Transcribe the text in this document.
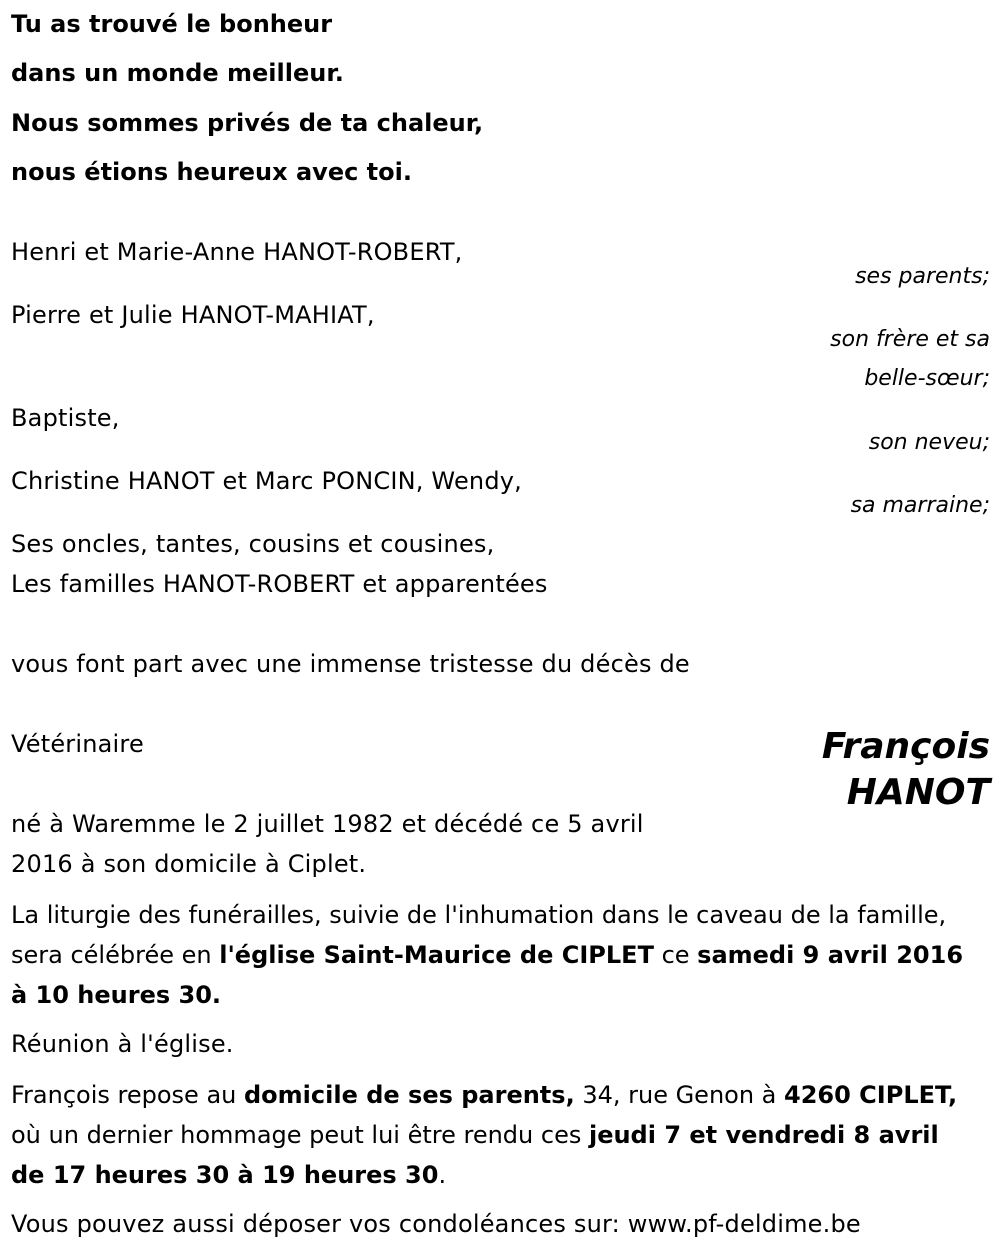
Tu as trouvé le bonheur
dans un monde meilleur.
Nous sommes privés de ta chaleur,
nous étions heureux avec toi.
Henri et Marie-Anne HANOT-ROBERT,
ses parents;
Pierre et Julie HANOT-MAHIAT,
son frère et sa
belle-sœur;
Baptiste,
son neveu;
Christine HANOT et Marc PONCIN, Wendy,
sa marraine;
Ses oncles, tantes, cousins et cousines,
Les familles HANOT-ROBERT et apparentées
vous font part avec une immense tristesse du décès de
Vétérinaire	François
HANOT
né à Waremme le 2 juillet 1982 et décédé ce 5 avril
2016 à son domicile à Ciplet.
La liturgie des funérailles, suivie de l'inhumation dans le caveau de la famille, sera célébrée en l'église Saint-Maurice de CIPLET ce samedi 9 avril 2016 à 10 heures 30.
Réunion à l'église.
François repose au domicile de ses parents, 34, rue Genon à 4260 CIPLET, où un dernier hommage peut lui être rendu ces jeudi 7 et vendredi 8 avril de 17 heures 30 à 19 heures 30.
Vous pouvez aussi déposer vos condoléances sur: www.pf-deldime.be
